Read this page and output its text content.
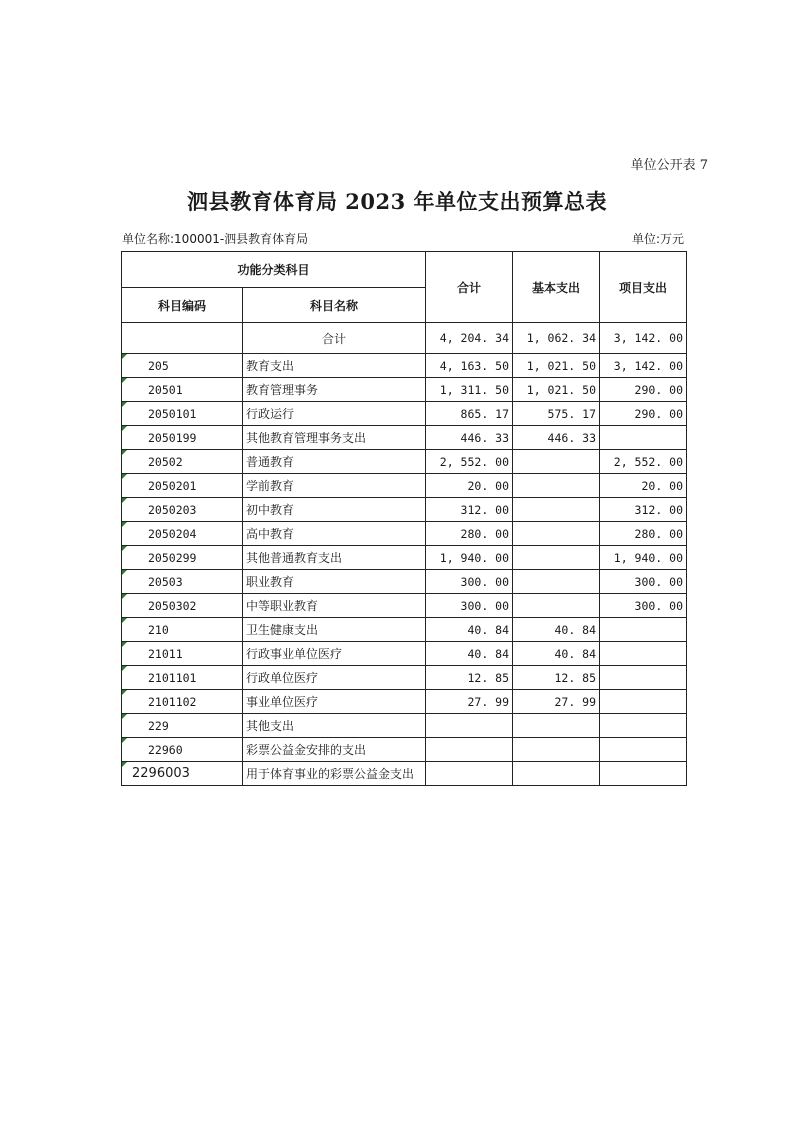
单位公开表 7
泗县教育体育局 2023 年单位支出预算总表
单位名称:100001-泗县教育体育局	单位:万元
功能分类科目		合计	基本支出	项目支出
科目编码	科目名称			
	合计	4, 204. 34	1, 062. 34	3, 142. 00

205	教育支出	4, 163. 50	1, 021. 50	3, 142. 00

20501	教育管理事务	1, 311. 50	1, 021. 50	290. 00

2050101	行政运行	865. 17	575. 17	290. 00

2050199	其他教育管理事务支出	446. 33	446. 33	

20502	普通教育	2, 552. 00		2, 552. 00

2050201	学前教育	20. 00		20. 00

2050203	初中教育	312. 00		312. 00

2050204	高中教育	280. 00		280. 00

2050299	其他普通教育支出	1, 940. 00		1, 940. 00

20503	职业教育	300. 00		300. 00

2050302	中等职业教育	300. 00		300. 00

210	卫生健康支出	40. 84	40. 84	

21011	行政事业单位医疗	40. 84	40. 84	

2101101	行政单位医疗	12. 85	12. 85	

2101102	事业单位医疗	27. 99	27. 99	

229	其他支出			

22960	彩票公益金安排的支出			

2296003	用于体育事业的彩票公益金支出			
